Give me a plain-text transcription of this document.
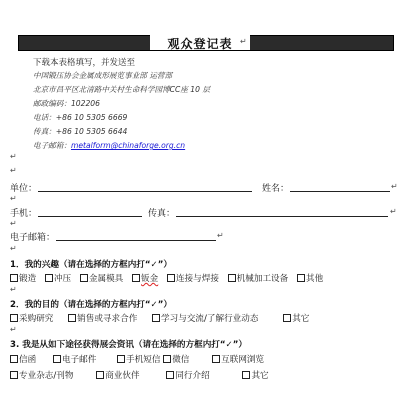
观众登记表 ↵
下载本表格填写，并发送至
中国锻压协会金属成形展览事业部 运营部
北京市昌平区北清路中关村生命科学园博CC座 10 层
邮政编码：102206
电话：+86 10 5305 6669
传真：+86 10 5305 6644
电子邮箱：metalform@chinaforge.org.cn
↵
↵
单位：	姓名：	↵
↵
手机：	传真：	↵
↵
电子邮箱：	↵
↵
1．我的兴趣（请在选择的方框内打“✓”）
锻造 冲压 金属模具 钣金 连接与焊接 机械加工设备 其他
↵
2．我的目的（请在选择的方框内打“✓”）
采购研究	销售或寻求合作	学习与交流/了解行业动态	其它
↵
3. 我是从如下途径获得展会资讯（请在选择的方框内打“✓”）
信函	电子邮件	手机短信 微信	互联网浏览
专业杂志/刊物	商业伙伴	同行介绍	其它
